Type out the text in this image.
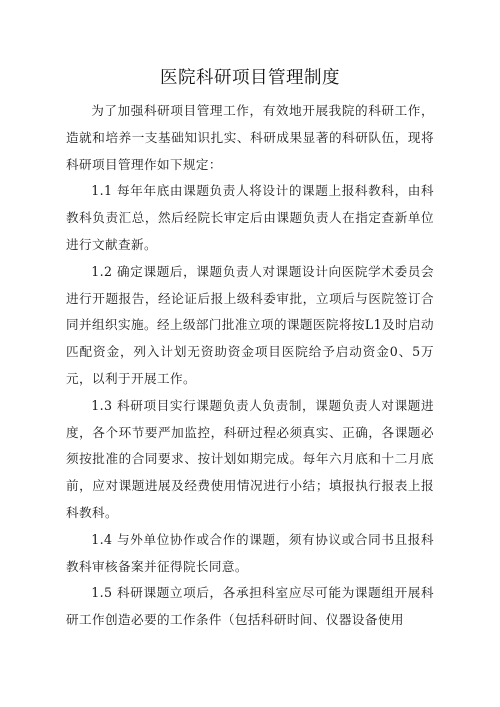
医院科研项目管理制度

为了加强科研项目管理工作，有效地开展我院的科研工作，造就和培养一支基础知识扎实、科研成果显著的科研队伍，现将科研项目管理作如下规定：

1.1 每年年底由课题负责人将设计的课题上报科教科，由科教科负责汇总，然后经院长审定后由课题负责人在指定查新单位进行文献查新。

1.2 确定课题后，课题负责人对课题设计向医院学术委员会进行开题报告，经论证后报上级科委审批，立项后与医院签订合同并组织实施。经上级部门批准立项的课题医院将按L1及时启动匹配资金，列入计划无资助资金项目医院给予启动资金0、5万元，以利于开展工作。

1.3 科研项目实行课题负责人负责制，课题负责人对课题进度，各个环节要严加监控，科研过程必须真实、正确，各课题必须按批准的合同要求、按计划如期完成。每年六月底和十二月底前，应对课题进展及经费使用情况进行小结；填报执行报表上报科教科。

1.4 与外单位协作或合作的课题，须有协议或合同书且报科教科审核备案并征得院长同意。

1.5 科研课题立项后，各承担科室应尽可能为课题组开展科研工作创造必要的工作条件（包括科研时间、仪器设备使用
